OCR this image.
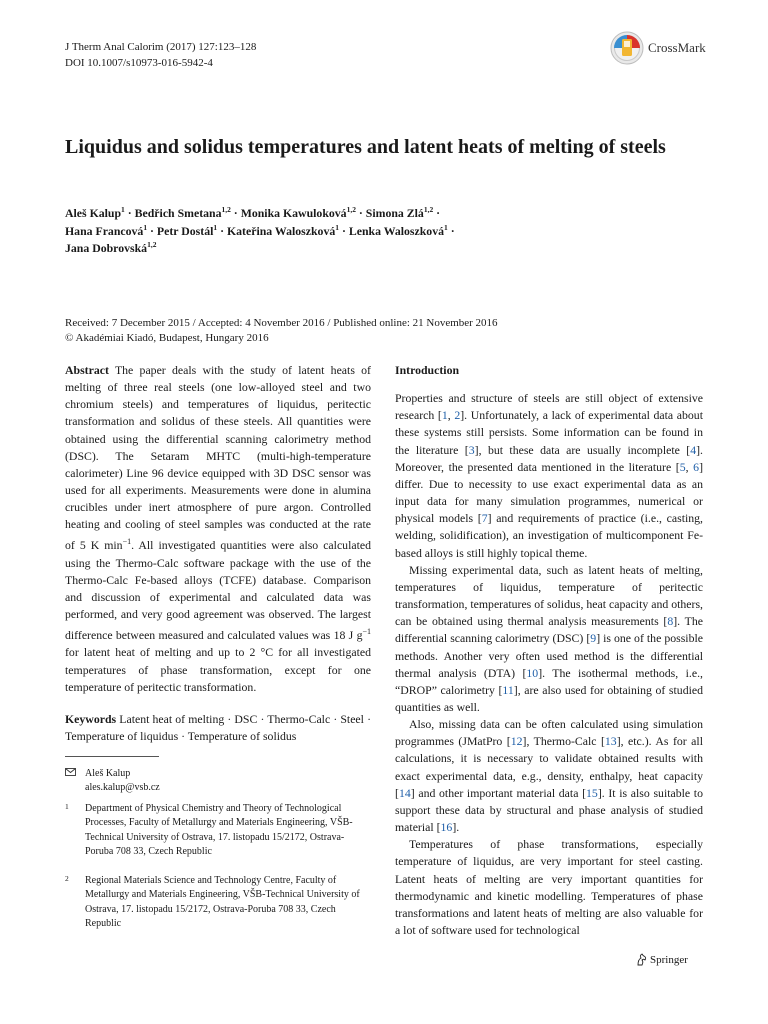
J Therm Anal Calorim (2017) 127:123–128
DOI 10.1007/s10973-016-5942-4
CrossMark
Liquidus and solidus temperatures and latent heats of melting of steels
Aleš Kalup$^1$ · Bedřich Smetana$^{1,2}$ · Monika Kawuloková$^{1,2}$ · Simona Zlá$^{1,2}$ ·
Hana Francová$^1$ · Petr Dostál$^1$ · Kateřina Waloszková$^1$ · Lenka Waloszková$^1$ ·
Jana Dobrovská$^{1,2}$
Received: 7 December 2015 / Accepted: 4 November 2016 / Published online: 21 November 2016
© Akadémiai Kiadó, Budapest, Hungary 2016
Abstract The paper deals with the study of latent heats of melting of three real steels (one low-alloyed steel and two chromium steels) and temperatures of liquidus, peritectic transformation and solidus of these steels. All quantities were obtained using the differential scanning calorimetry method (DSC). The Setaram MHTC (multi-high-temperature calorimeter) Line 96 device equipped with 3D DSC sensor was used for all experiments. Measurements were done in alumina crucibles under inert atmosphere of pure argon. Controlled heating and cooling of steel samples was conducted at the rate of 5 K $\min^{-1}$. All investigated quantities were also calculated using the Thermo-Calc software package with the use of the Thermo-Calc Fe-based alloys (TCFE) database. Comparison and discussion of experimental and calculated data was performed, and very good agreement was observed. The largest difference between measured and calculated values was 18 J $g^{-1}$ for latent heat of melting and up to 2 °C for all investigated temperatures of phase transformation, except for one temperature of peritectic transformation.
Keywords Latent heat of melting · DSC · Thermo-Calc · Steel · Temperature of liquidus · Temperature of solidus
Aleš Kalup
ales.kalup@vsb.cz
1 Department of Physical Chemistry and Theory of Technological Processes, Faculty of Metallurgy and Materials Engineering, VŠB-Technical University of Ostrava, 17. listopadu 15/2172, Ostrava-Poruba 708 33, Czech Republic
2 Regional Materials Science and Technology Centre, Faculty of Metallurgy and Materials Engineering, VŠB-Technical University of Ostrava, 17. listopadu 15/2172, Ostrava-Poruba 708 33, Czech Republic
Introduction

Properties and structure of steels are still object of extensive research [1, 2]. Unfortunately, a lack of experimental data about these systems still persists. Some information can be found in the literature [3], but these data are usually incomplete [4]. Moreover, the presented data mentioned in the literature [5, 6] differ. Due to necessity to use exact experimental data as an input data for many simulation programmes, numerical or physical models [7] and requirements of practice (i.e., casting, welding, solidification), an investigation of multicomponent Fe-based alloys is still highly topical theme.

Missing experimental data, such as latent heats of melting, temperatures of liquidus, temperature of peritectic transformation, temperatures of solidus, heat capacity and others, can be obtained using thermal analysis measurements [8]. The differential scanning calorimetry (DSC) [9] is one of the possible methods. Another very often used method is the differential thermal analysis (DTA) [10]. The isothermal methods, i.e., “DROP” calorimetry [11], are also used for obtaining of studied quantities as well.

Also, missing data can be often calculated using simulation programmes (JMatPro [12], Thermo-Calc [13], etc.). As for all calculations, it is necessary to validate obtained results with exact experimental data, e.g., density, enthalpy, heat capacity [14] and other important material data [15]. It is also suitable to support these data by structural and phase analysis of studied material [16].

Temperatures of phase transformations, especially temperature of liquidus, are very important for steel casting. Latent heats of melting are very important quantities for thermodynamic and kinetic modelling. Temperatures of phase transformations and latent heats of melting are also valuable for a lot of software used for technological

Springer
